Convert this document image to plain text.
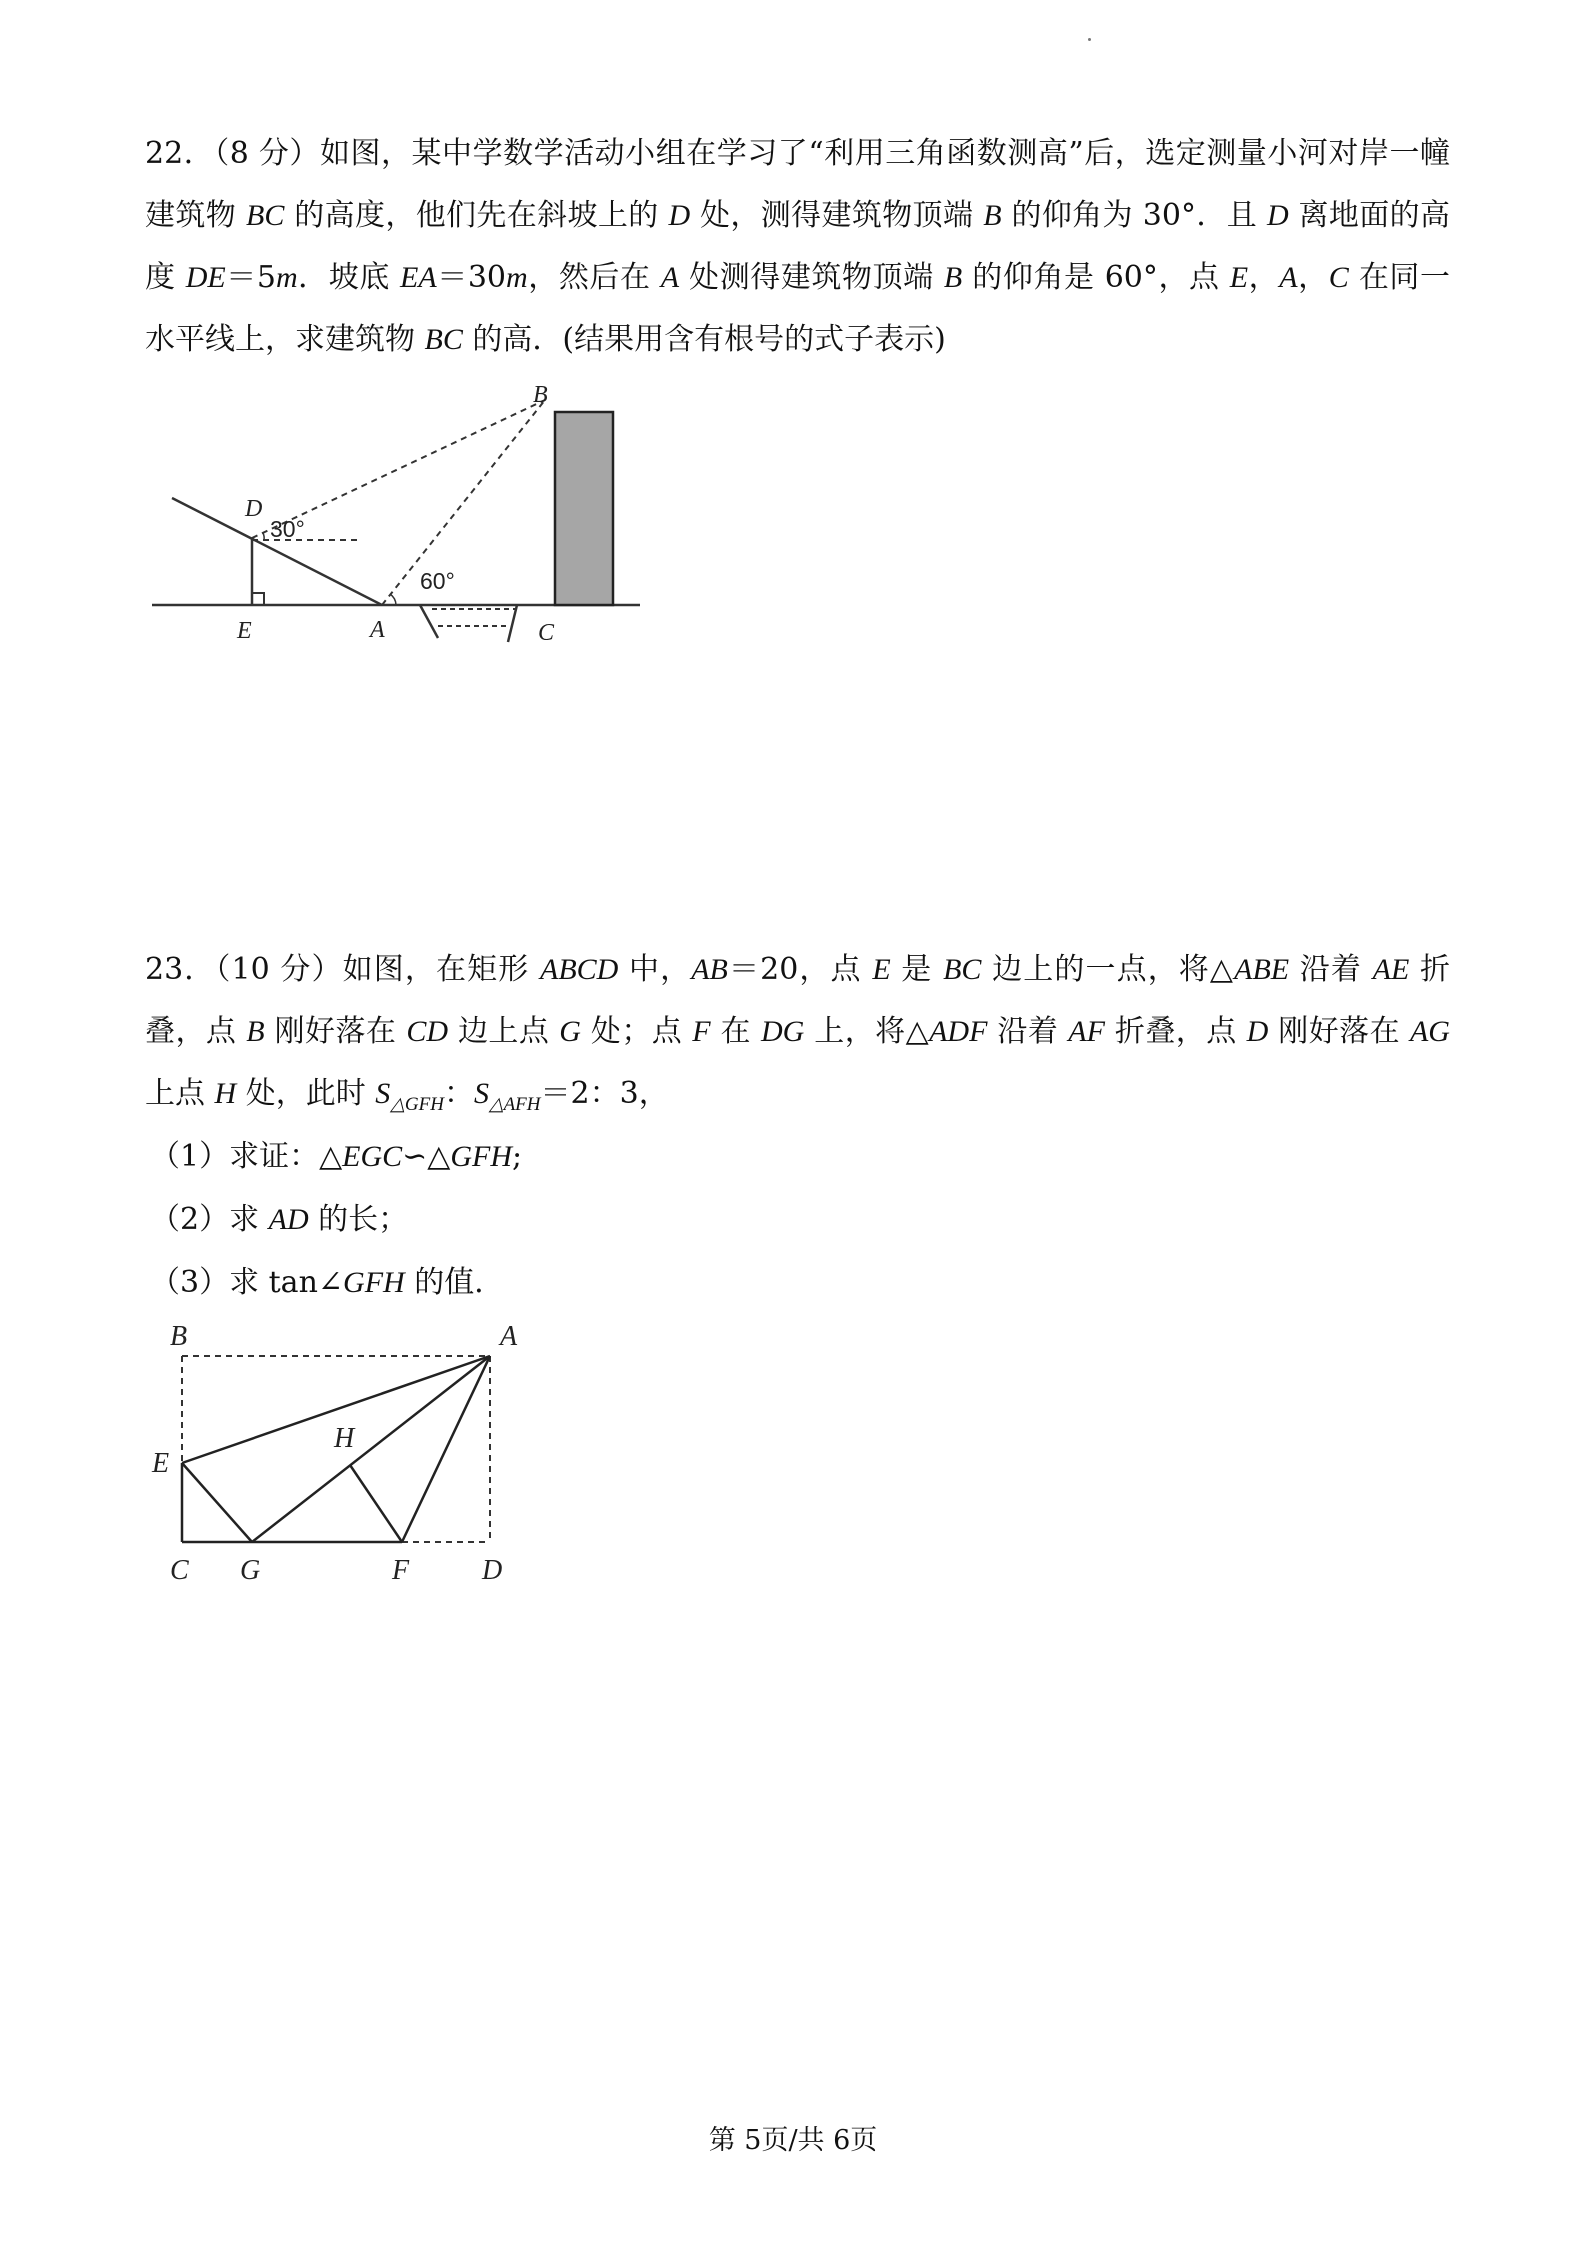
22．（8 分）如图，某中学数学活动小组在学习了“利用三角函数测高”后，选定测量小河对岸一幢建筑物 BC 的高度，他们先在斜坡上的 D 处，测得建筑物顶端 B 的仰角为 30°．且 D 离地面的高度 DE＝5m．坡底 EA＝30m，然后在 A 处测得建筑物顶端 B 的仰角是 60°，点 E，A，C 在同一水平线上，求建筑物 BC 的高．(结果用含有根号的式子表示)

B
D
E	A	C
30°
60°

23．（10 分）如图，在矩形 ABCD 中，AB＝20，点 E 是 BC 边上的一点，将△ABE 沿着 AE 折叠，点 B 刚好落在 CD 边上点 G 处；点 F 在 DG 上，将△ADF 沿着 AF 折叠，点 D 刚好落在 AG 上点 H 处，此时 $S_{\triangle GFH}$：$S_{\triangle AFH}=2$：3，

（1）求证：△EGC∽△GFH;

（2）求 AD 的长；

（3）求 tan∠GFH 的值．

B	A
E
H
C G	F	D
第 5页/共 6页
